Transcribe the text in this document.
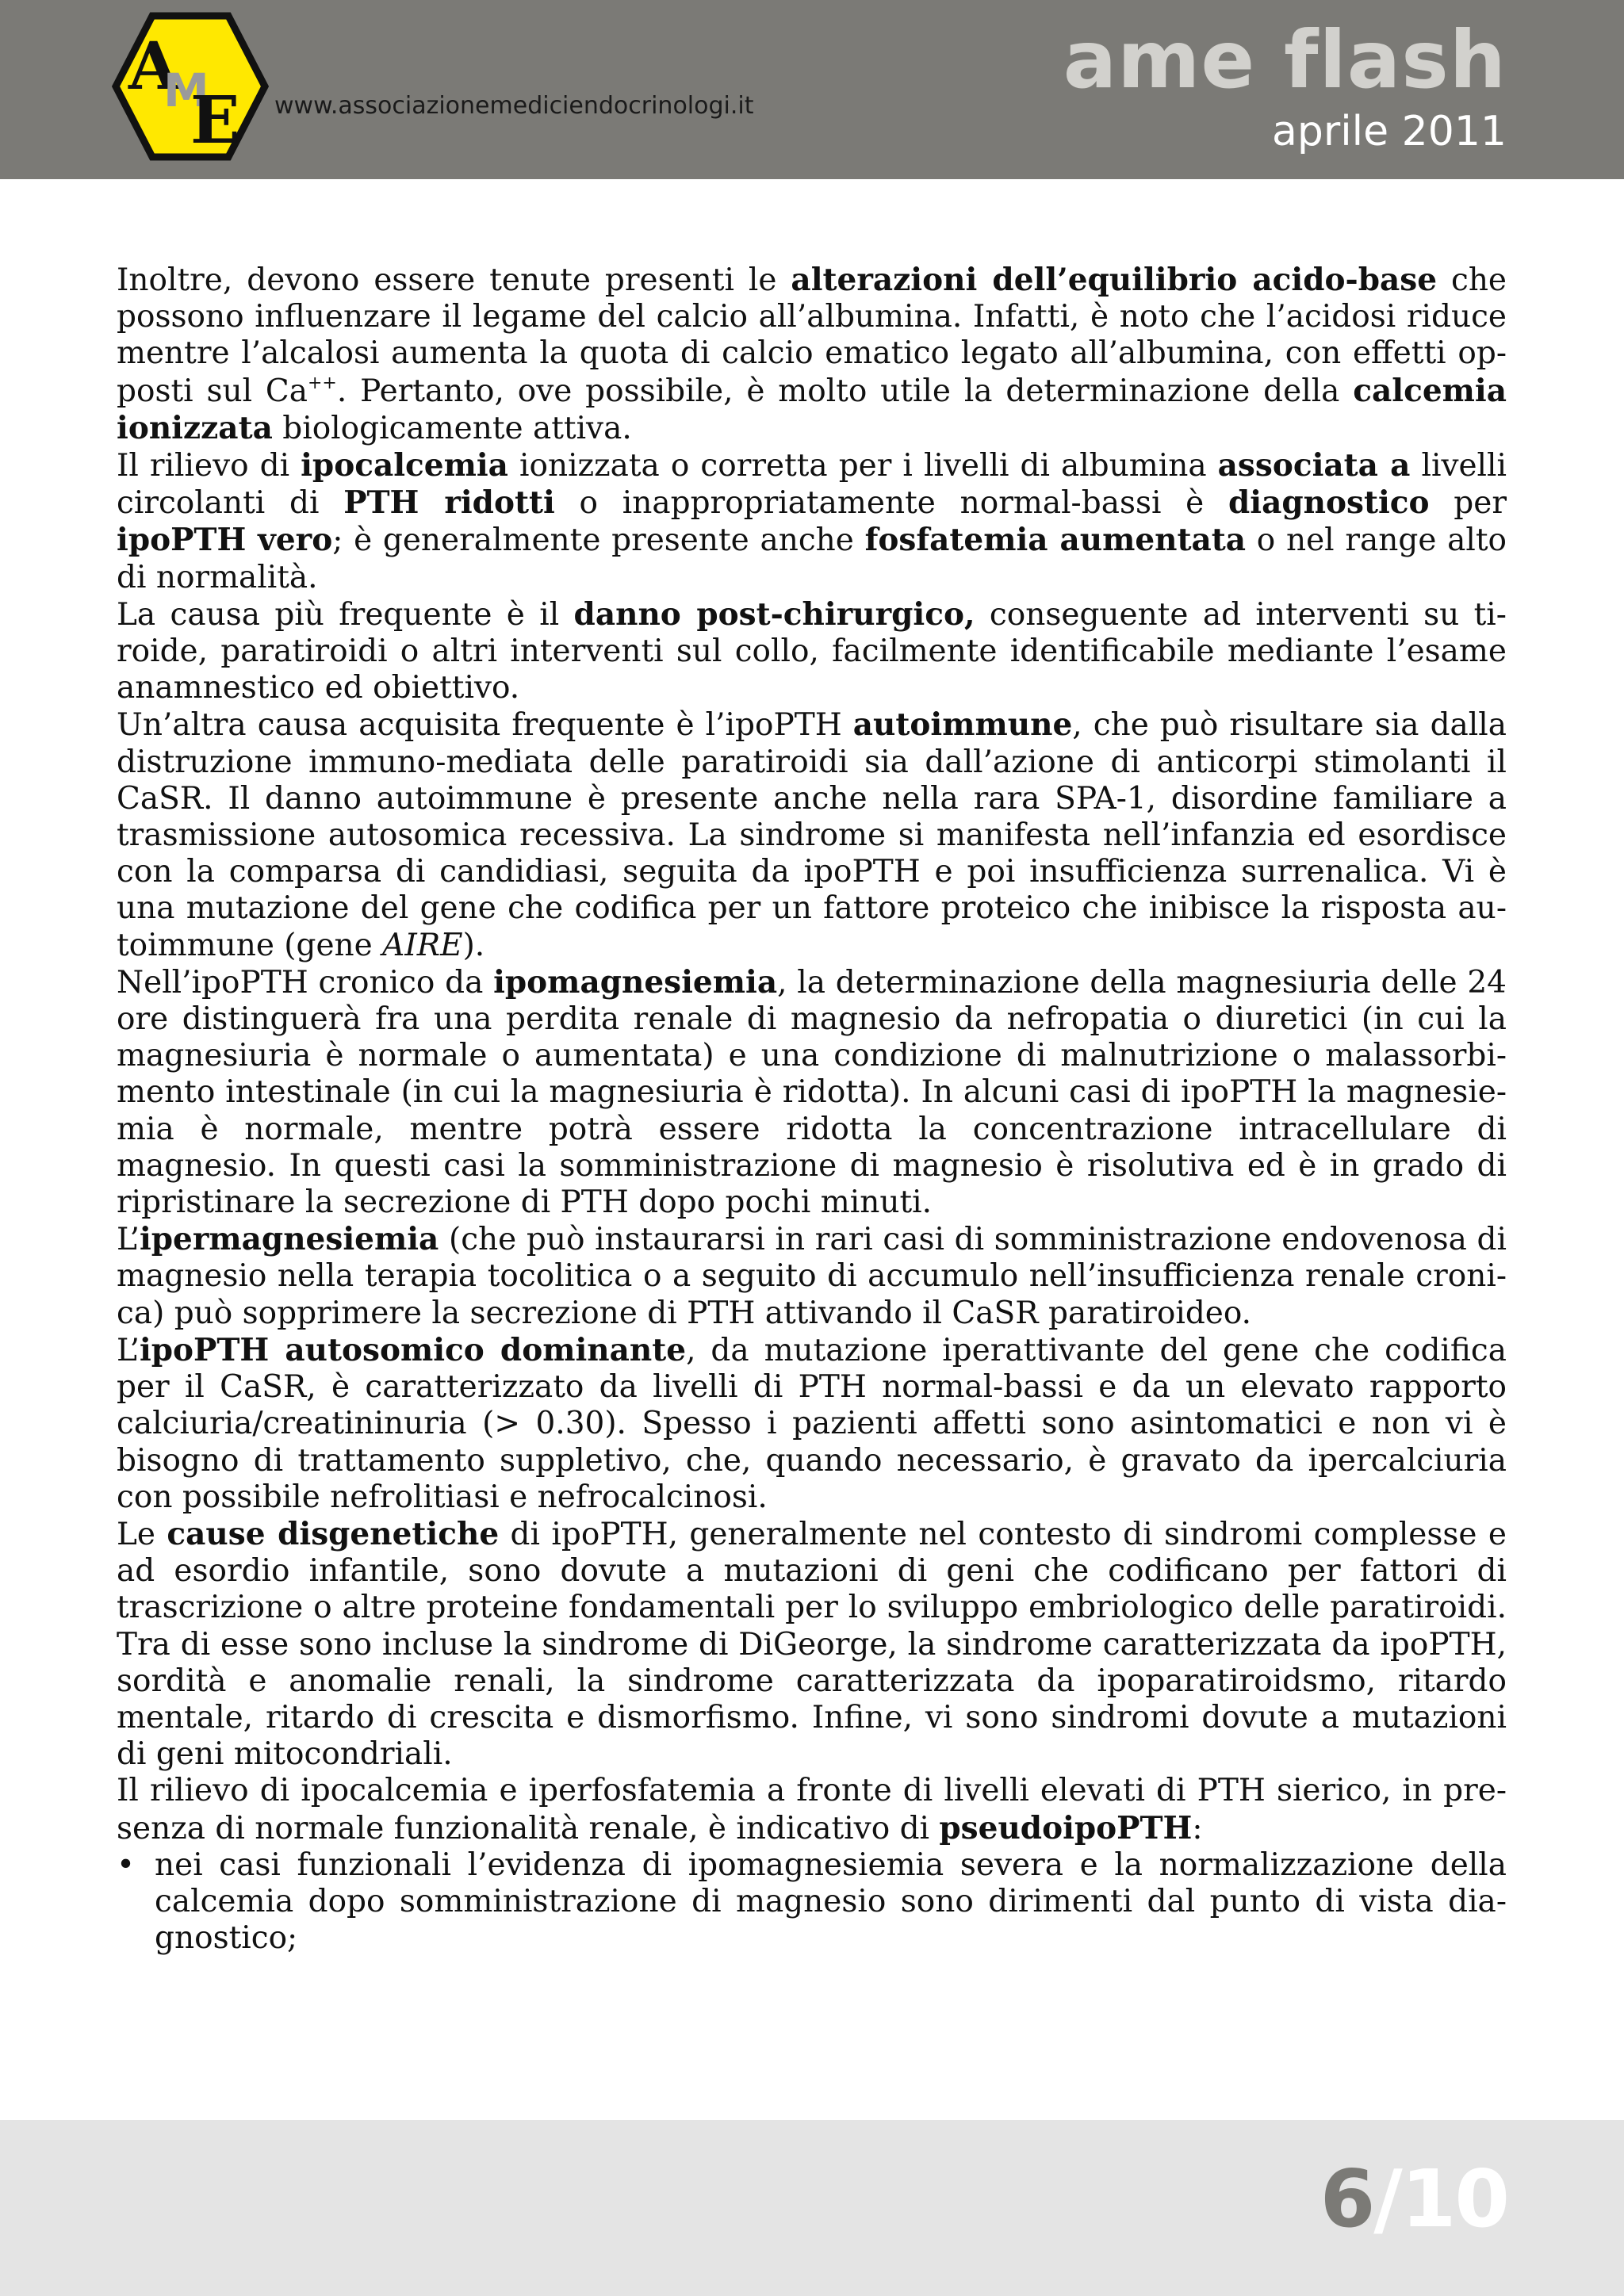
A
M
E www.associazionemediciendocrinologi.it	ame flash
aprile 2011

Inoltre, devono essere tenute presenti le alterazioni dell’equilibrio acido-base che possono influenzare il legame del calcio all’albumina. Infatti, è noto che l’acidosi riduce mentre l’alcalosi aumenta la quota di calcio ematico legato all’albumina, con effetti opposti sul Ca++. Pertanto, ove possibile, è molto utile la determinazione della calcemia ionizzata biologicamente attiva.

Il rilievo di ipocalcemia ionizzata o corretta per i livelli di albumina associata a livelli circolanti di PTH ridotti o inappropriatamente normal-bassi è diagnostico per ipoPTH vero; è generalmente presente anche fosfatemia aumentata o nel range alto di normalità.

La causa più frequente è il danno post-chirurgico, conseguente ad interventi su tiroide, paratiroidi o altri interventi sul collo, facilmente identificabile mediante l’esame anamnestico ed obiettivo.

Un’altra causa acquisita frequente è l’ipoPTH autoimmune, che può risultare sia dalla distruzione immuno-mediata delle paratiroidi sia dall’azione di anticorpi stimolanti il CaSR. Il danno autoimmune è presente anche nella rara SPA-1, disordine familiare a trasmissione autosomica recessiva. La sindrome si manifesta nell’infanzia ed esordisce con la comparsa di candidiasi, seguita da ipoPTH e poi insufficienza surrenalica. Vi è una mutazione del gene che codifica per un fattore proteico che inibisce la risposta autoimmune (gene AIRE).

Nell’ipoPTH cronico da ipomagnesiemia, la determinazione della magnesiuria delle 24 ore distinguerà fra una perdita renale di magnesio da nefropatia o diuretici (in cui la magnesiuria è normale o aumentata) e una condizione di malnutrizione o malassorbimento intestinale (in cui la magnesiuria è ridotta). In alcuni casi di ipoPTH la magnesiemia è normale, mentre potrà essere ridotta la concentrazione intracellulare di magnesio. In questi casi la somministrazione di magnesio è risolutiva ed è in grado di ripristinare la secrezione di PTH dopo pochi minuti.

L’ipermagnesiemia (che può instaurarsi in rari casi di somministrazione endovenosa di magnesio nella terapia tocolitica o a seguito di accumulo nell’insufficienza renale cronica) può sopprimere la secrezione di PTH attivando il CaSR paratiroideo.

L’ipoPTH autosomico dominante, da mutazione iperattivante del gene che codifica per il CaSR, è caratterizzato da livelli di PTH normal-bassi e da un elevato rapporto calciuria/creatininuria (> 0.30). Spesso i pazienti affetti sono asintomatici e non vi è bisogno di trattamento suppletivo, che, quando necessario, è gravato da ipercalciuria con possibile nefrolitiasi e nefrocalcinosi.

Le cause disgenetiche di ipoPTH, generalmente nel contesto di sindromi complesse e ad esordio infantile, sono dovute a mutazioni di geni che codificano per fattori di trascrizione o altre proteine fondamentali per lo sviluppo embriologico delle paratiroidi. Tra di esse sono incluse la sindrome di DiGeorge, la sindrome caratterizzata da ipoPTH, sordità e anomalie renali, la sindrome caratterizzata da ipoparatiroidsmo, ritardo mentale, ritardo di crescita e dismorfismo. Infine, vi sono sindromi dovute a mutazioni di geni mitocondriali.

Il rilievo di ipocalcemia e iperfosfatemia a fronte di livelli elevati di PTH sierico, in presenza di normale funzionalità renale, è indicativo di pseudoipoPTH:

• nei casi funzionali l’evidenza di ipomagnesiemia severa e la normalizzazione della calcemia dopo somministrazione di magnesio sono dirimenti dal punto di vista diagnostico;
6/10
